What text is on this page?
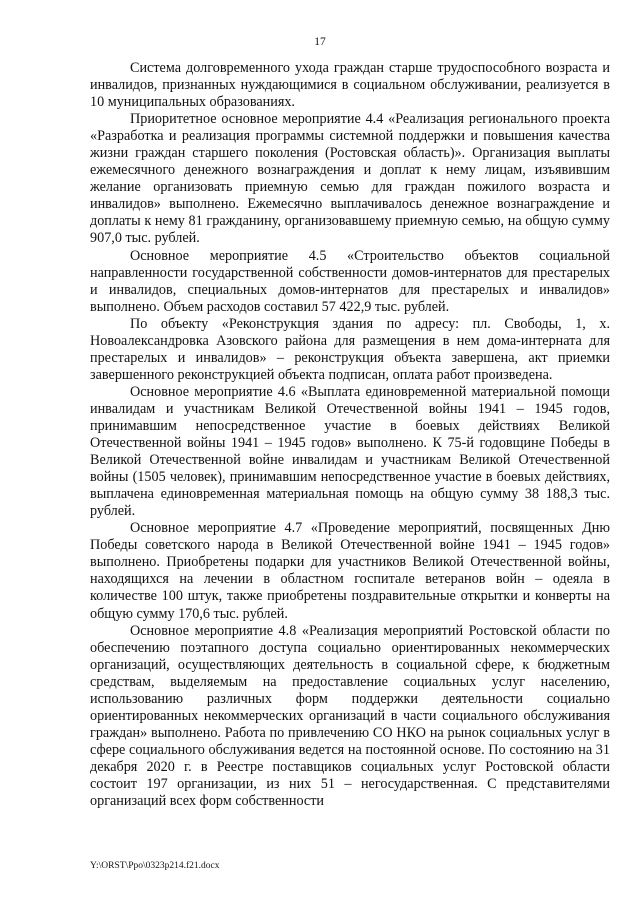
17

Система долговременного ухода граждан старше трудоспособного возраста и инвалидов, признанных нуждающимися в социальном обслуживании, реализуется в 10 муниципальных образованиях.

Приоритетное основное мероприятие 4.4 «Реализация регионального проекта «Разработка и реализация программы системной поддержки и повышения качества жизни граждан старшего поколения (Ростовская область)». Организация выплаты ежемесячного денежного вознаграждения и доплат к нему лицам, изъявившим желание организовать приемную семью для граждан пожилого возраста и инвалидов» выполнено. Ежемесячно выплачивалось денежное вознаграждение и доплаты к нему 81 гражданину, организовавшему приемную семью, на общую сумму 907,0 тыс. рублей.

Основное мероприятие 4.5 «Строительство объектов социальной направленности государственной собственности домов-интернатов для престарелых и инвалидов, специальных домов-интернатов для престарелых и инвалидов» выполнено. Объем расходов составил 57 422,9 тыс. рублей.

По объекту «Реконструкция здания по адресу: пл. Свободы, 1, х. Новоалександровка Азовского района для размещения в нем дома-интерната для престарелых и инвалидов» – реконструкция объекта завершена, акт приемки завершенного реконструкцией объекта подписан, оплата работ произведена.

Основное мероприятие 4.6 «Выплата единовременной материальной помощи инвалидам и участникам Великой Отечественной войны 1941 – 1945 годов, принимавшим непосредственное участие в боевых действиях Великой Отечественной войны 1941 – 1945 годов» выполнено. К 75-й годовщине Победы в Великой Отечественной войне инвалидам и участникам Великой Отечественной войны (1505 человек), принимавшим непосредственное участие в боевых действиях, выплачена единовременная материальная помощь на общую сумму 38 188,3 тыс. рублей.

Основное мероприятие 4.7 «Проведение мероприятий, посвященных Дню Победы советского народа в Великой Отечественной войне 1941 – 1945 годов» выполнено. Приобретены подарки для участников Великой Отечественной войны, находящихся на лечении в областном госпитале ветеранов войн – одеяла в количестве 100 штук, также приобретены поздравительные открытки и конверты на общую сумму 170,6 тыс. рублей.

Основное мероприятие 4.8 «Реализация мероприятий Ростовской области по обеспечению поэтапного доступа социально ориентированных некоммерческих организаций, осуществляющих деятельность в социальной сфере, к бюджетным средствам, выделяемым на предоставление социальных услуг населению, использованию различных форм поддержки деятельности социально ориентированных некоммерческих организаций в части социального обслуживания граждан» выполнено. Работа по привлечению СО НКО на рынок социальных услуг в сфере социального обслуживания ведется на постоянной основе. По состоянию на 31 декабря 2020 г. в Реестре поставщиков социальных услуг Ростовской области состоит 197 организации, из них 51 – негосударственная. С представителями организаций всех форм собственности

Y:\ORST\Ppo\0323p214.f21.docx
